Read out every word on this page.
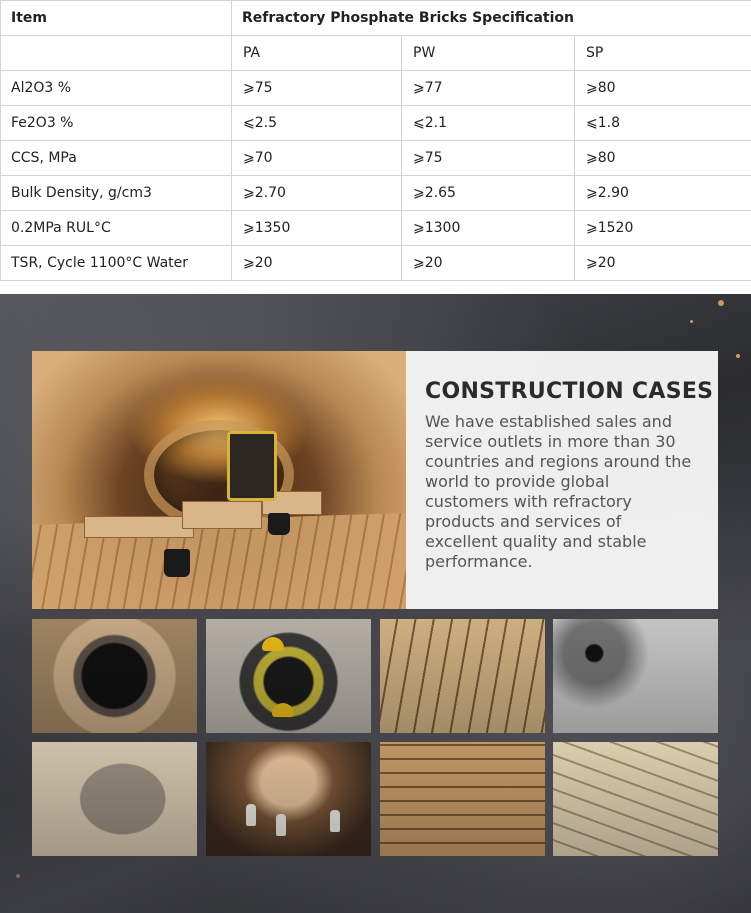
Item	Refractory Phosphate Bricks Specification		
	PA	PW	SP
Al2O3 %	⩾75	⩾77	⩾80
Fe2O3 %	⩽2.5	⩽2.1	⩽1.8
CCS, MPa	⩾70	⩾75	⩾80
Bulk Density, g/cm3	⩾2.70	⩾2.65	⩾2.90
0.2MPa RUL°C	⩾1350	⩾1300	⩾1520
TSR, Cycle 1100°C Water	⩾20	⩾20	⩾20
CONSTRUCTION CASES

We have established sales and service outlets in more than 30 countries and regions around the world to provide global customers with refractory products and services of excellent quality and stable performance.
